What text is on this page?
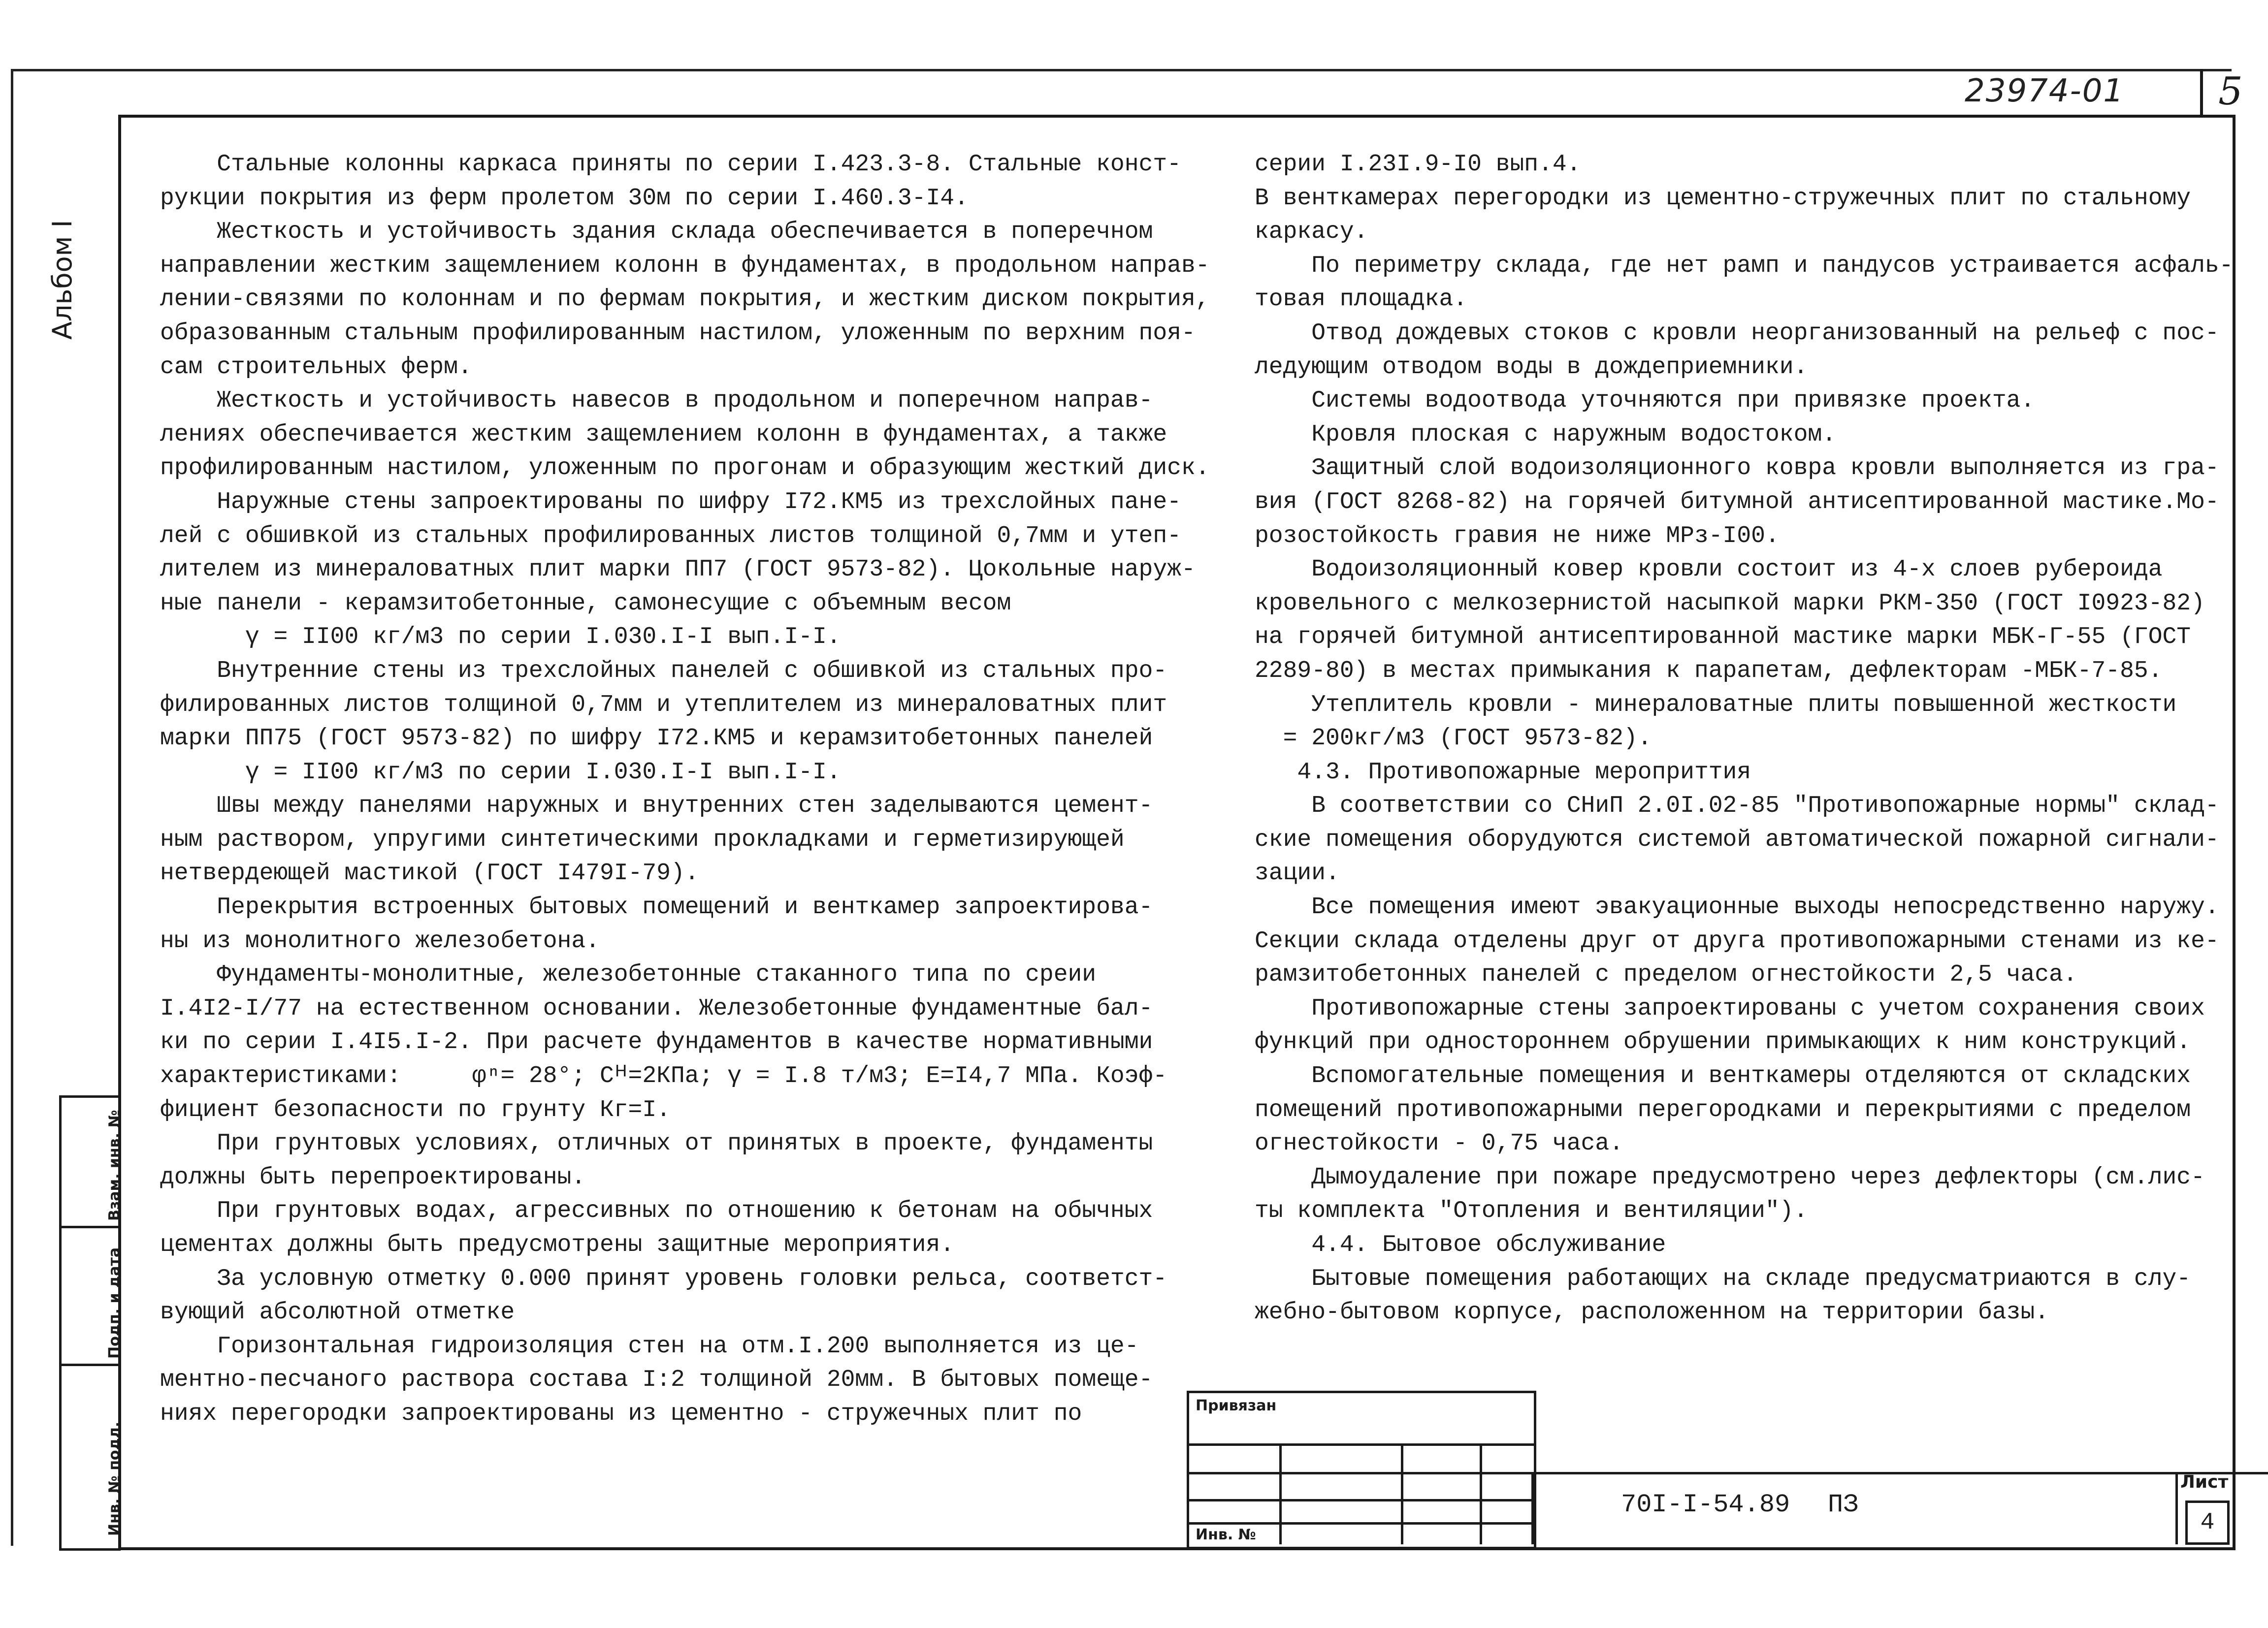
23974-01	5
Альбом I
Инв. № подл.
Подп. и дата
Взам. инв. №
Стальные колонны каркаса приняты по серии I.423.3-8. Стальные конст-
рукции покрытия из ферм пролетом 30м по серии I.460.3-I4.
Жесткость и устойчивость здания склада обеспечивается в поперечном
направлении жестким защемлением колонн в фундаментах, в продольном направ-
лении-связями по колоннам и по фермам покрытия, и жестким диском покрытия,
образованным стальным профилированным настилом, уложенным по верхним поя-
сам строительных ферм.
Жесткость и устойчивость навесов в продольном и поперечном направ-
лениях обеспечивается жестким защемлением колонн в фундаментах, а также
профилированным настилом, уложенным по прогонам и образующим жесткий диск.
Наружные стены запроектированы по шифру I72.КМ5 из трехслойных пане-
лей с обшивкой из стальных профилированных листов толщиной 0,7мм и утеп-
лителем из минераловатных плит марки ПП7 (ГОСТ 9573-82). Цокольные наруж-
ные панели - керамзитобетонные, самонесущие с объемным весом
γ = II00 кг/м3 по серии I.030.I-I вып.I-I.
Внутренние стены из трехслойных панелей с обшивкой из стальных про-
филированных листов толщиной 0,7мм и утеплителем из минераловатных плит
марки ПП75 (ГОСТ 9573-82) по шифру I72.КМ5 и керамзитобетонных панелей
γ = II00 кг/м3 по серии I.030.I-I вып.I-I.
Швы между панелями наружных и внутренних стен заделываются цемент-
ным раствором, упругими синтетическими прокладками и герметизирующей
нетвердеющей мастикой (ГОСТ I479I-79).
Перекрытия встроенных бытовых помещений и венткамер запроектирова-
ны из монолитного железобетона.
Фундаменты-монолитные, железобетонные стаканного типа по срeии
I.4I2-I/77 на естественном основании. Железобетонные фундаментные бал-
ки по серии I.4I5.I-2. При расчете фундаментов в качестве нормативными
характеристиками:     φⁿ= 28°; Cᴴ=2КПа; γ = I.8 т/м3; E=I4,7 МПа. Коэф-
фициент безопасности по грунту Кг=I.
При грунтовых условиях, отличных от принятых в проекте, фундаменты
должны быть перепроектированы.
При грунтовых водах, агрессивных по отношению к бетонам на обычных
цементах должны быть предусмотрены защитные мероприятия.
За условную отметку 0.000 принят уровень головки рельса, соответст-
вующий абсолютной отметке
Горизонтальная гидроизоляция стен на отм.I.200 выполняется из це-
ментно-песчаного раствора состава I:2 толщиной 20мм. В бытовых помеще-
ниях перегородки запроектированы из цементно - стружечных плит по
серии I.23I.9-I0 вып.4.
В венткамерах перегородки из цементно-стружечных плит по стальному
каркасу.
По периметру склада, где нет рамп и пандусов устраивается асфаль-
товая площадка.
Отвод дождевых стоков с кровли неорганизованный на рельеф с пос-
ледующим отводом воды в дождеприемники.
Системы водоотвода уточняются при привязке проекта.
Кровля плоская с наружным водостоком.
Защитный слой водоизоляционного ковра кровли выполняется из гра-
вия (ГОСТ 8268-82) на горячей битумной антисептированной мастике.Мо-
розостойкость гравия не ниже МРз-I00.
Водоизоляционный ковер кровли состоит из 4-х слоев рубероида
кровельного с мелкозернистой насыпкой марки РКМ-350 (ГОСТ I0923-82)
на горячей битумной антисептированной мастике марки МБК-Г-55 (ГОСТ
2289-80) в местах примыкания к парапетам, дефлекторам -МБК-7-85.
Утеплитель кровли - минераловатные плиты повышенной жесткости
= 200кг/м3 (ГОСТ 9573-82).
4.3. Противопожарные мероприттия
В соответствии со СНиП 2.0I.02-85 "Противопожарные нормы" склад-
ские помещения оборудуются системой автоматической пожарной сигнали-
зации.
Все помещения имеют эвакуационные выходы непосредственно наружу.
Секции склада отделены друг от друга противопожарными стенами из ке-
рамзитобетонных панелей с пределом огнестойкости 2,5 часа.
Противопожарные стены запроектированы с учетом сохранения своих
функций при одностороннем обрушении примыкающих к ним конструкций.
Вспомогательные помещения и венткамеры отделяются от складских
помещений противопожарными перегородками и перекрытиями с пределом
огнестойкости - 0,75 часа.
Дымоудаление при пожаре предусмотрено через дефлекторы (см.лис-
ты комплекта "Отопления и вентиляции").
4.4. Бытовое обслуживание
Бытовые помещения работающих на складе предусматриаются в слу-
жебно-бытовом корпусе, расположенном на территории базы.
Привязан
Инв. №
70I-I-54.89 ПЗ
Лист
4
